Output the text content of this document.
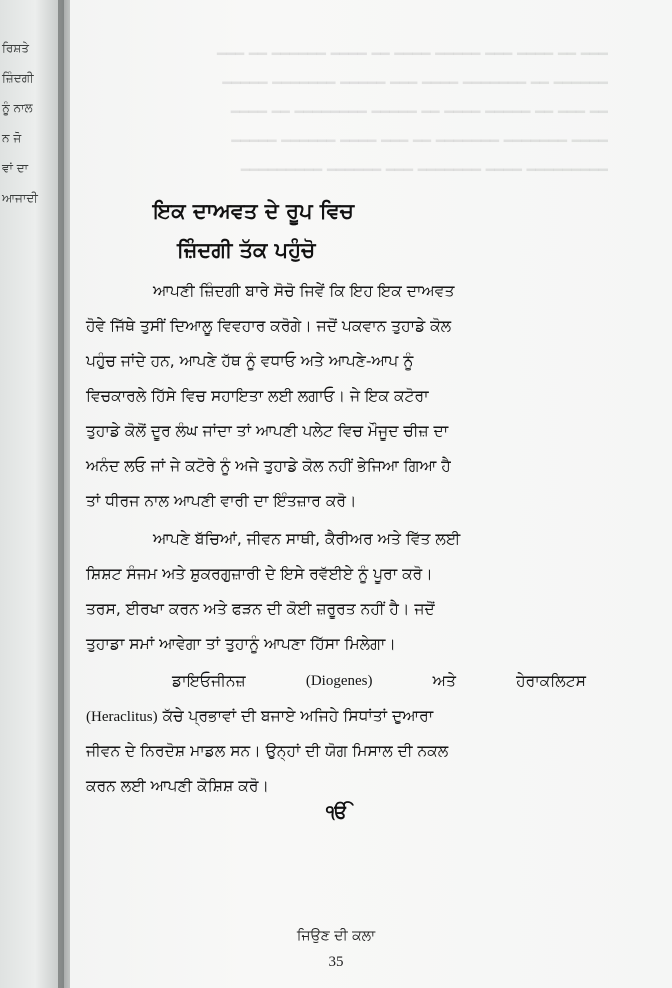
ਰਿਸ਼ਤੇ
ਜ਼ਿੰਦਗੀ
ਨੂੰ ਨਾਲ
ਨ ਜੋ
ਵਾਂ ਦਾ
ਆਜਾਦੀ
━━━ ━━ ━━━━ ━━━ ━━━━━ ━━━━ ━━ ━━━━ ━━━━━━ ━━ ━━━
━━━━━━ ━━ ━━━━━━━ ━━━━ ━━━ ━━━━━ ━━━━━━━ ━━━━━
━━ ━━━ ━━ ━━━━━ ━━━━ ━━ ━━━━━ ━━━━━━━━ ━━ ━━━━
━━━━ ━━━━━━━ ━━━━━━━ ━━ ━━━ ━━━━ ━━━━━━ ━━━━━
━━━━━━━━━ ━━━━ ━━━━━━━ ━━━ ━━━━━━ ━━━━━━━━━
ਇਕ ਦਾਅਵਤ ਦੇ ਰੂਪ ਵਿਚ
ਜ਼ਿੰਦਗੀ ਤੱਕ ਪਹੁੰਚੋ
ਆਪਣੀ ਜ਼ਿੰਦਗੀ ਬਾਰੇ ਸੋਚੋ ਜਿਵੇਂ ਕਿ ਇਹ ਇਕ ਦਾਅਵਤ
ਹੋਵੇ ਜਿੱਥੇ ਤੁਸੀਂ ਦਿਆਲੂ ਵਿਵਹਾਰ ਕਰੋਗੇ। ਜਦੋਂ ਪਕਵਾਨ ਤੁਹਾਡੇ ਕੋਲ
ਪਹੁੰਚ ਜਾਂਦੇ ਹਨ, ਆਪਣੇ ਹੱਥ ਨੂੰ ਵਧਾਓ ਅਤੇ ਆਪਣੇ-ਆਪ ਨੂੰ
ਵਿਚਕਾਰਲੇ ਹਿੱਸੇ ਵਿਚ ਸਹਾਇਤਾ ਲਈ ਲਗਾਓ। ਜੇ ਇਕ ਕਟੋਰਾ
ਤੁਹਾਡੇ ਕੋਲੋਂ ਦੂਰ ਲੰਘ ਜਾਂਦਾ ਤਾਂ ਆਪਣੀ ਪਲੇਟ ਵਿਚ ਮੌਜੂਦ ਚੀਜ਼ ਦਾ
ਅਨੰਦ ਲਓ ਜਾਂ ਜੇ ਕਟੋਰੇ ਨੂੰ ਅਜੇ ਤੁਹਾਡੇ ਕੋਲ ਨਹੀਂ ਭੇਜਿਆ ਗਿਆ ਹੈ
ਤਾਂ ਧੀਰਜ ਨਾਲ ਆਪਣੀ ਵਾਰੀ ਦਾ ਇੰਤਜ਼ਾਰ ਕਰੋ।
ਆਪਣੇ ਬੱਚਿਆਂ, ਜੀਵਨ ਸਾਥੀ, ਕੈਰੀਅਰ ਅਤੇ ਵਿੱਤ ਲਈ
ਸ਼ਿਸ਼ਟ ਸੰਜਮ ਅਤੇ ਸ਼ੁਕਰਗੁਜ਼ਾਰੀ ਦੇ ਇਸੇ ਰਵੱਈਏ ਨੂੰ ਪੂਰਾ ਕਰੋ।
ਤਰਸ, ਈਰਖਾ ਕਰਨ ਅਤੇ ਫੜਨ ਦੀ ਕੋਈ ਜ਼ਰੂਰਤ ਨਹੀਂ ਹੈ। ਜਦੋਂ
ਤੁਹਾਡਾ ਸਮਾਂ ਆਵੇਗਾ ਤਾਂ ਤੁਹਾਨੂੰ ਆਪਣਾ ਹਿੱਸਾ ਮਿਲੇਗਾ।
ਡਾਇਓਜੀਨਜ਼	(Diogenes)	ਅਤੇ	ਹੇਰਾਕਲਿਟਸ
(Heraclitus) ਕੱਚੇ ਪ੍ਰਭਾਵਾਂ ਦੀ ਬਜਾਏ ਅਜਿਹੇ ਸਿਧਾਂਤਾਂ ਦੁਆਰਾ
ਜੀਵਨ ਦੇ ਨਿਰਦੋਸ਼ ਮਾਡਲ ਸਨ। ਉਨ੍ਹਾਂ ਦੀ ਯੋਗ ਮਿਸਾਲ ਦੀ ਨਕਲ
ਕਰਨ ਲਈ ਆਪਣੀ ਕੋਸ਼ਿਸ਼ ਕਰੋ।
ੴ
ਜਿਉਣ ਦੀ ਕਲਾ
35
